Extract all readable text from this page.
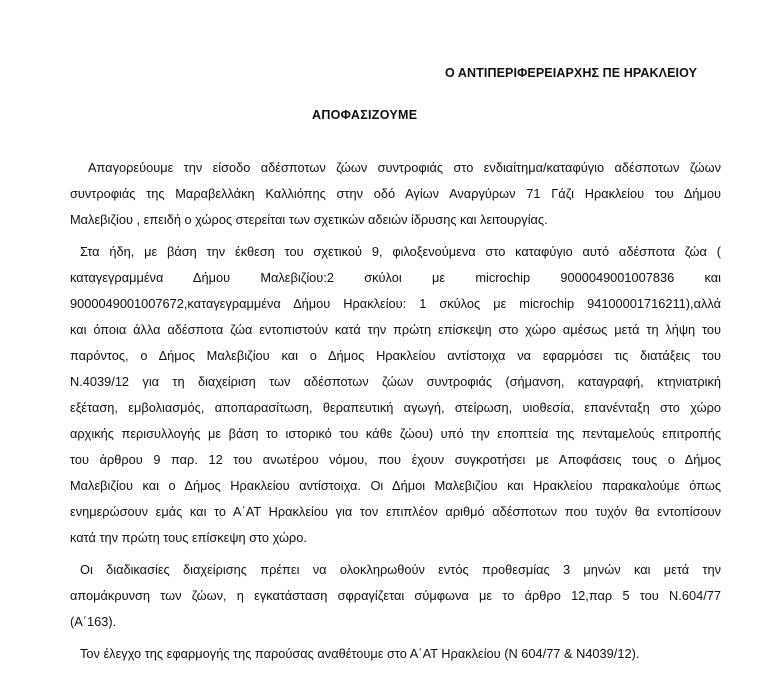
Ο ΑΝΤΙΠΕΡΙΦΕΡΕΙΑΡΧΗΣ ΠΕ ΗΡΑΚΛΕΙΟΥ
ΑΠΟΦΑΣΙΖΟΥΜΕ
Απαγορεύουμε την είσοδο αδέσποτων ζώων συντροφιάς στο ενδιαίτημα/καταφύγιο αδέσποτων ζώων
συντροφιάς της Μαραβελλάκη Καλλιόπης στην οδό Αγίων Αναργύρων 71 Γάζι Ηρακλείου του Δήμου
Μαλεβιζίου , επειδή ο χώρος στερείται των σχετικών αδειών ίδρυσης και λειτουργίας.
Στα ήδη, με βάση την έκθεση του σχετικού 9, φιλοξενούμενα στο καταφύγιο αυτό αδέσποτα ζώα (
καταγεγραμμένα Δήμου Μαλεβιζίου:2 σκύλοι με microchip 9000049001007836 και
900004900100767​2,καταγεγραμμένα Δήμου Ηρακλείου: 1 σκύλος με microchip 94100001716211),αλλά
και όποια άλλα αδέσποτα ζώα εντοπιστούν κατά την πρώτη επίσκεψη στο χώρο αμέσως μετά τη λήψη του
παρόντος, ο Δήμος Μαλεβιζίου και ο Δήμος Ηρακλείου αντίστοιχα να εφαρμόσει τις διατάξεις του
Ν.4039/12 για τη διαχείριση των αδέσποτων ζώων συντροφιάς (σήμανση, καταγραφή, κτηνιατρική
εξέταση, εμβολιασμός, αποπαρασίτωση, θεραπευτική αγωγή, στείρωση, υιοθεσία, επανένταξη στο χώρο
αρχικής περισυλλογής με βάση το ιστορικό του κάθε ζώου) υπό την εποπτεία της πενταμελούς επιτροπής
του άρθρου 9 παρ. 12 του ανωτέρου νόμου, που έχουν συγκροτήσει με Αποφάσεις τους ο Δήμος
Μαλεβιζίου και ο Δήμος Ηρακλείου αντίστοιχα. Οι Δήμοι Μαλεβιζίου και Ηρακλείου παρακαλούμε όπως
ενημερώσουν εμάς και το Α΄ΑΤ Ηρακλείου για τον επιπλέον αριθμό αδέσποτων που τυχόν θα εντοπίσουν
κατά την πρώτη τους επίσκεψη στο χώρο.
Οι διαδικασίες διαχείρισης πρέπει να ολοκληρωθούν εντός προθεσμίας 3 μηνών και μετά την
απομάκρυνση των ζώων, η εγκατάσταση σφραγίζεται σύμφωνα με το άρθρο 12,παρ 5 του Ν.604/77
(Α΄163).
Τον έλεγχο της εφαρμογής της παρούσας αναθέτουμε στο Α΄ΑΤ Ηρακλείου (Ν 604/77 & Ν4039/12).
